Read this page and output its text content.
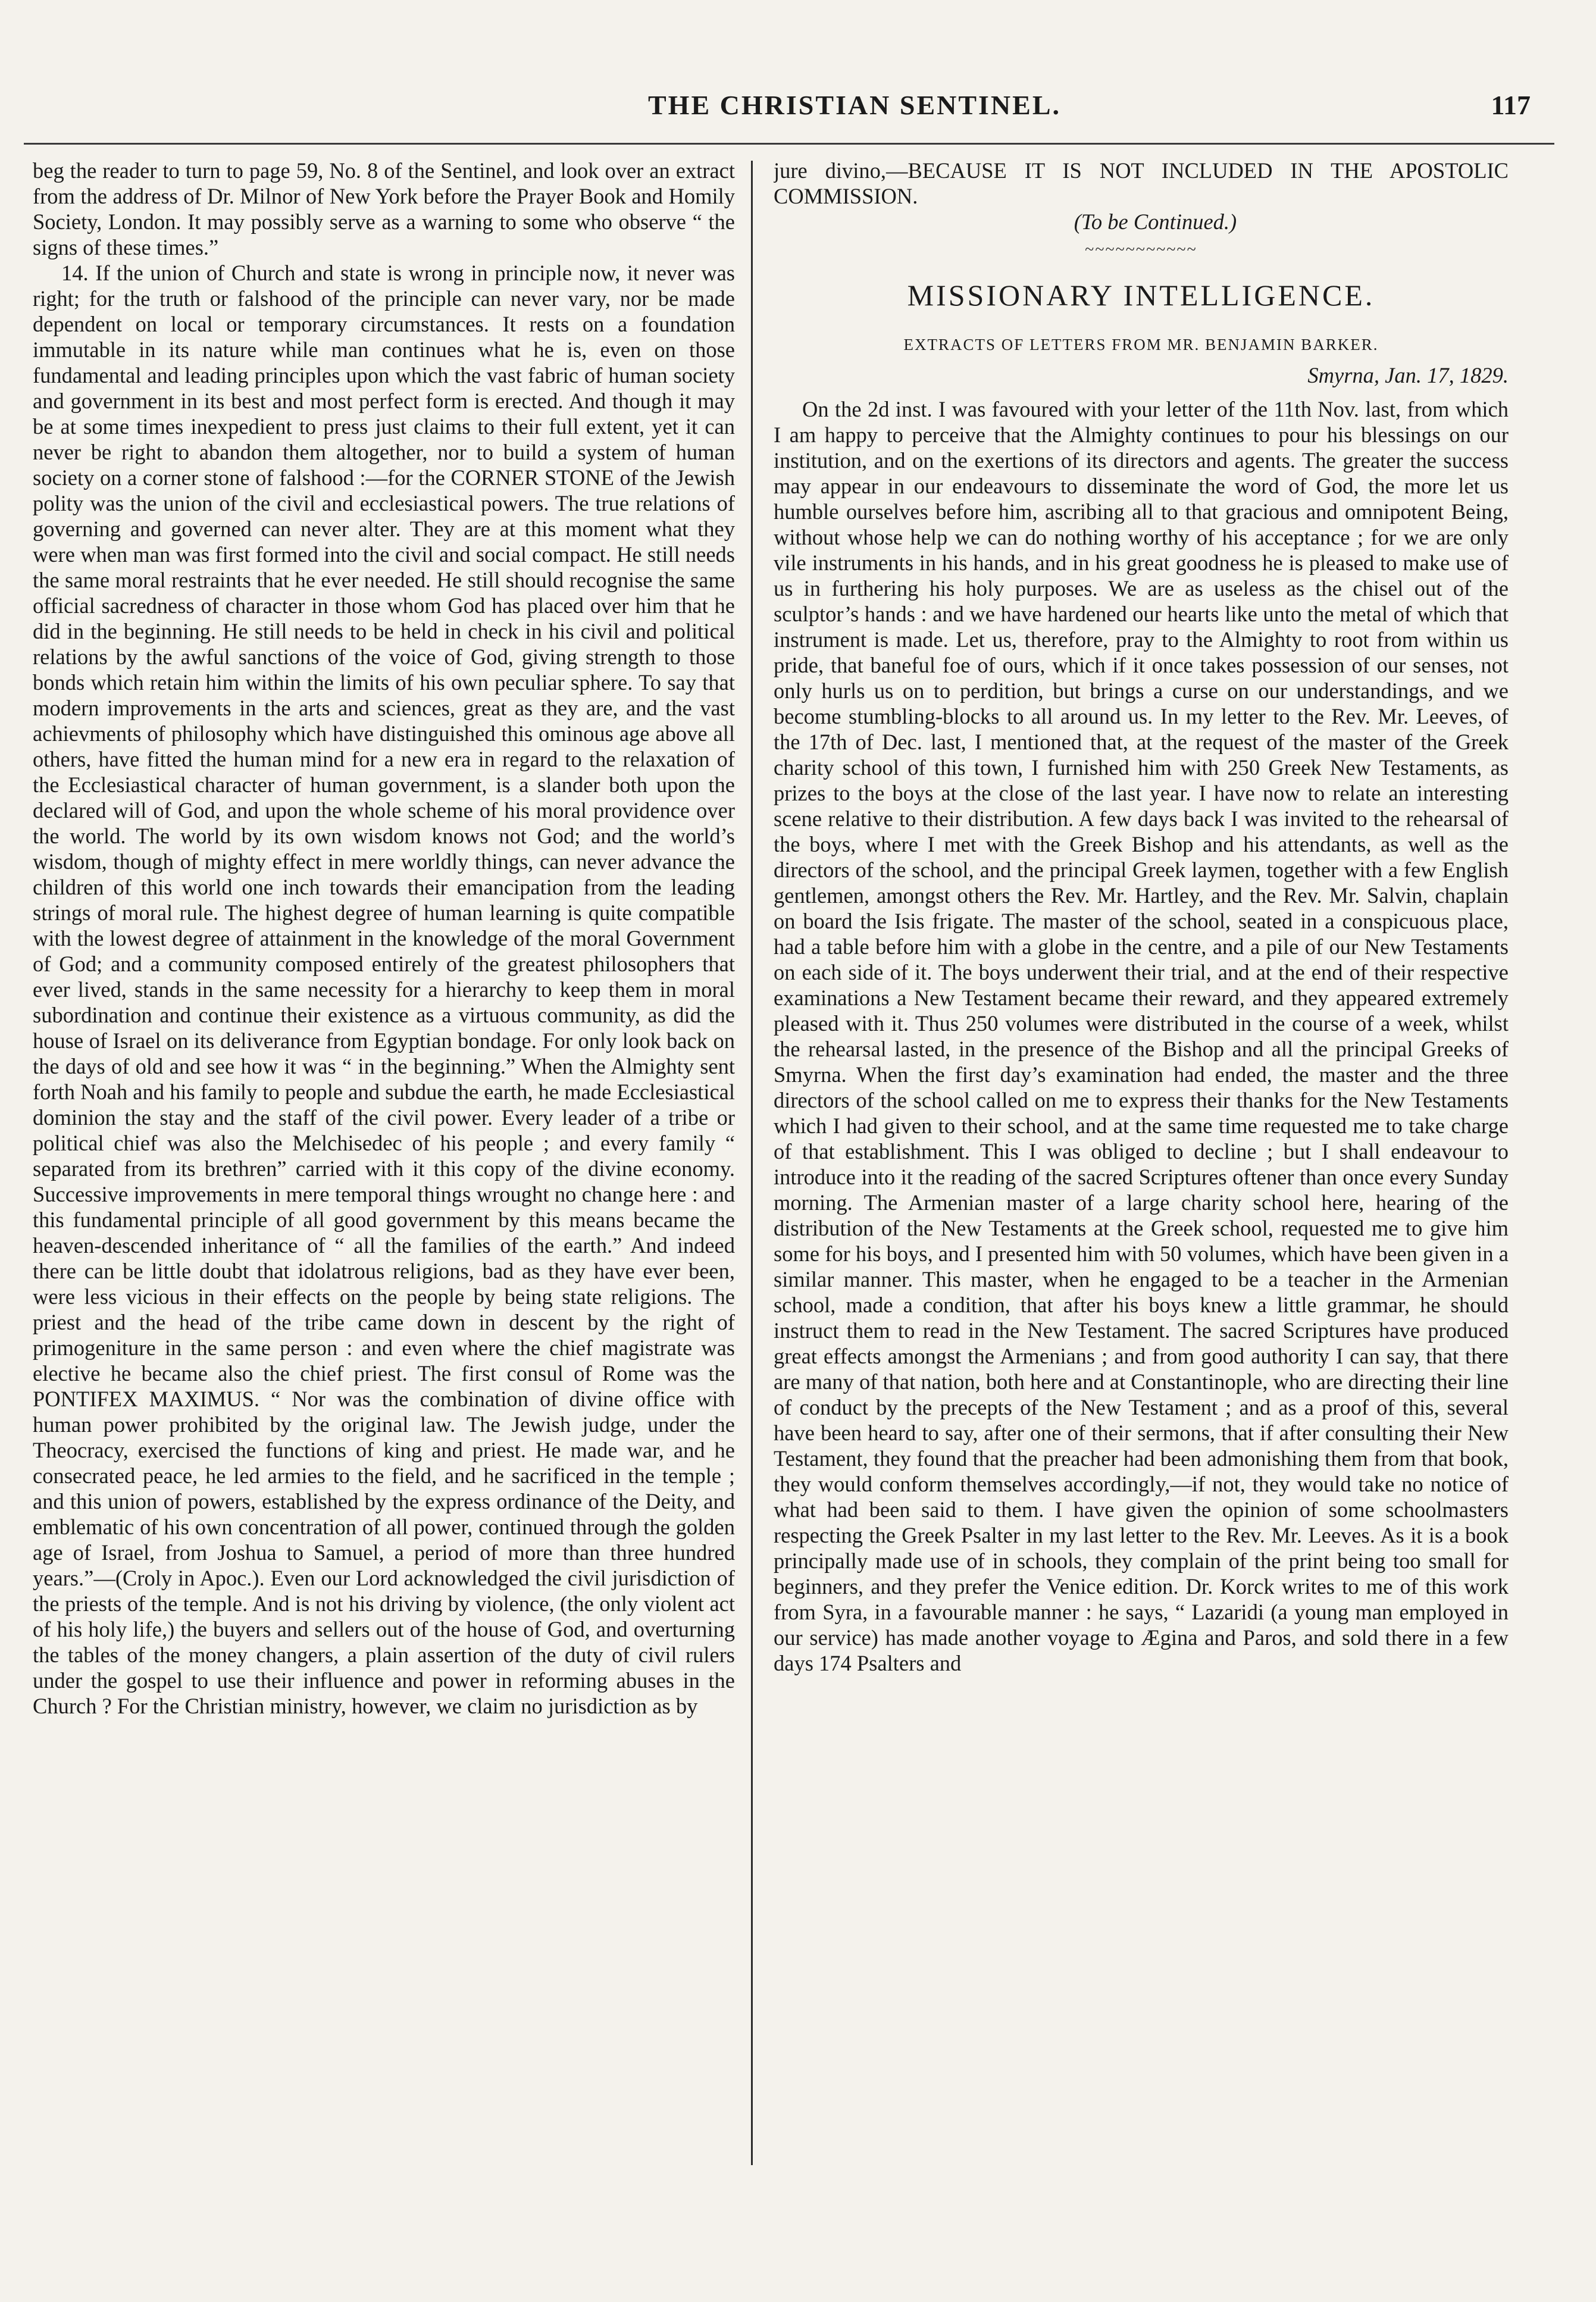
THE CHRISTIAN SENTINEL.	117

beg the reader to turn to page 59, No. 8 of the Sentinel, and look over an extract from the address of Dr. Milnor of New York before the Prayer Book and Homily Society, London. It may possibly serve as a warning to some who observe “ the signs of these times.”

14. If the union of Church and state is wrong in principle now, it never was right; for the truth or falshood of the principle can never vary, nor be made dependent on local or temporary circumstances. It rests on a foundation immutable in its nature while man continues what he is, even on those fundamental and leading principles upon which the vast fabric of human society and government in its best and most perfect form is erected. And though it may be at some times inexpedient to press just claims to their full extent, yet it can never be right to abandon them altogether, nor to build a system of human society on a corner stone of falshood :—for the CORNER STONE of the Jewish polity was the union of the civil and ecclesiastical powers. The true relations of governing and governed can never alter. They are at this moment what they were when man was first formed into the civil and social compact. He still needs the same moral restraints that he ever needed. He still should recognise the same official sacredness of character in those whom God has placed over him that he did in the beginning. He still needs to be held in check in his civil and political relations by the awful sanctions of the voice of God, giving strength to those bonds which retain him within the limits of his own peculiar sphere. To say that modern improvements in the arts and sciences, great as they are, and the vast achievments of philosophy which have distinguished this ominous age above all others, have fitted the human mind for a new era in regard to the relaxation of the Ecclesiastical character of human government, is a slander both upon the declared will of God, and upon the whole scheme of his moral providence over the world. The world by its own wisdom knows not God; and the world’s wisdom, though of mighty effect in mere worldly things, can never advance the children of this world one inch towards their emancipation from the leading strings of moral rule. The highest degree of human learning is quite compatible with the lowest degree of attainment in the knowledge of the moral Government of God; and a community composed entirely of the greatest philosophers that ever lived, stands in the same necessity for a hierarchy to keep them in moral subordination and continue their existence as a virtuous community, as did the house of Israel on its deliverance from Egyptian bondage. For only look back on the days of old and see how it was “ in the beginning.” When the Almighty sent forth Noah and his family to people and subdue the earth, he made Ecclesiastical dominion the stay and the staff of the civil power. Every leader of a tribe or political chief was also the Melchisedec of his people ; and every family “ separated from its brethren” carried with it this copy of the divine economy. Successive improvements in mere temporal things wrought no change here : and this fundamental principle of all good government by this means became the heaven-descended inheritance of “ all the families of the earth.” And indeed there can be little doubt that idolatrous religions, bad as they have ever been, were less vicious in their effects on the people by being state religions. The priest and the head of the tribe came down in descent by the right of primogeniture in the same person : and even where the chief magistrate was elective he became also the chief priest. The first consul of Rome was the PONTIFEX MAXIMUS. “ Nor was the combination of divine office with human power prohibited by the original law. The Jewish judge, under the Theocracy, exercised the functions of king and priest. He made war, and he consecrated peace, he led armies to the field, and he sacrificed in the temple ; and this union of powers, established by the express ordinance of the Deity, and emblematic of his own concentration of all power, continued through the golden age of Israel, from Joshua to Samuel, a period of more than three hundred years.”—(Croly in Apoc.). Even our Lord acknowledged the civil jurisdiction of the priests of the temple. And is not his driving by violence, (the only violent act of his holy life,) the buyers and sellers out of the house of God, and overturning the tables of the money changers, a plain assertion of the duty of civil rulers under the gospel to use their influence and power in reforming abuses in the Church ? For the Christian ministry, however, we claim no jurisdiction as by

jure divino,—BECAUSE IT IS NOT INCLUDED IN THE APOSTOLIC COMMISSION.

(To be Continued.)

~~~~~~~~~~~
MISSIONARY INTELLIGENCE.
EXTRACTS OF LETTERS FROM MR. BENJAMIN BARKER.
Smyrna, Jan. 17, 1829.

On the 2d inst. I was favoured with your letter of the 11th Nov. last, from which I am happy to perceive that the Almighty continues to pour his blessings on our institution, and on the exertions of its directors and agents. The greater the success may appear in our endeavours to disseminate the word of God, the more let us humble ourselves before him, ascribing all to that gracious and omnipotent Being, without whose help we can do nothing worthy of his acceptance ; for we are only vile instruments in his hands, and in his great goodness he is pleased to make use of us in furthering his holy purposes. We are as useless as the chisel out of the sculptor’s hands : and we have hardened our hearts like unto the metal of which that instrument is made. Let us, therefore, pray to the Almighty to root from within us pride, that baneful foe of ours, which if it once takes possession of our senses, not only hurls us on to perdition, but brings a curse on our understandings, and we become stumbling-blocks to all around us. In my letter to the Rev. Mr. Leeves, of the 17th of Dec. last, I mentioned that, at the request of the master of the Greek charity school of this town, I furnished him with 250 Greek New Testaments, as prizes to the boys at the close of the last year. I have now to relate an interesting scene relative to their distribution. A few days back I was invited to the rehearsal of the boys, where I met with the Greek Bishop and his attendants, as well as the directors of the school, and the principal Greek laymen, together with a few English gentlemen, amongst others the Rev. Mr. Hartley, and the Rev. Mr. Salvin, chaplain on board the Isis frigate. The master of the school, seated in a conspicuous place, had a table before him with a globe in the centre, and a pile of our New Testaments on each side of it. The boys underwent their trial, and at the end of their respective examinations a New Testament became their reward, and they appeared extremely pleased with it. Thus 250 volumes were distributed in the course of a week, whilst the rehearsal lasted, in the presence of the Bishop and all the principal Greeks of Smyrna. When the first day’s examination had ended, the master and the three directors of the school called on me to express their thanks for the New Testaments which I had given to their school, and at the same time requested me to take charge of that establishment. This I was obliged to decline ; but I shall endeavour to introduce into it the reading of the sacred Scriptures oftener than once every Sunday morning. The Armenian master of a large charity school here, hearing of the distribution of the New Testaments at the Greek school, requested me to give him some for his boys, and I presented him with 50 volumes, which have been given in a similar manner. This master, when he engaged to be a teacher in the Armenian school, made a condition, that after his boys knew a little grammar, he should instruct them to read in the New Testament. The sacred Scriptures have produced great effects amongst the Armenians ; and from good authority I can say, that there are many of that nation, both here and at Constantinople, who are directing their line of conduct by the precepts of the New Testament ; and as a proof of this, several have been heard to say, after one of their sermons, that if after consulting their New Testament, they found that the preacher had been admonishing them from that book, they would conform themselves accordingly,—if not, they would take no notice of what had been said to them. I have given the opinion of some schoolmasters respecting the Greek Psalter in my last letter to the Rev. Mr. Leeves. As it is a book principally made use of in schools, they complain of the print being too small for beginners, and they prefer the Venice edition. Dr. Korck writes to me of this work from Syra, in a favourable manner : he says, “ Lazaridi (a young man employed in our service) has made another voyage to Ægina and Paros, and sold there in a few days 174 Psalters and
